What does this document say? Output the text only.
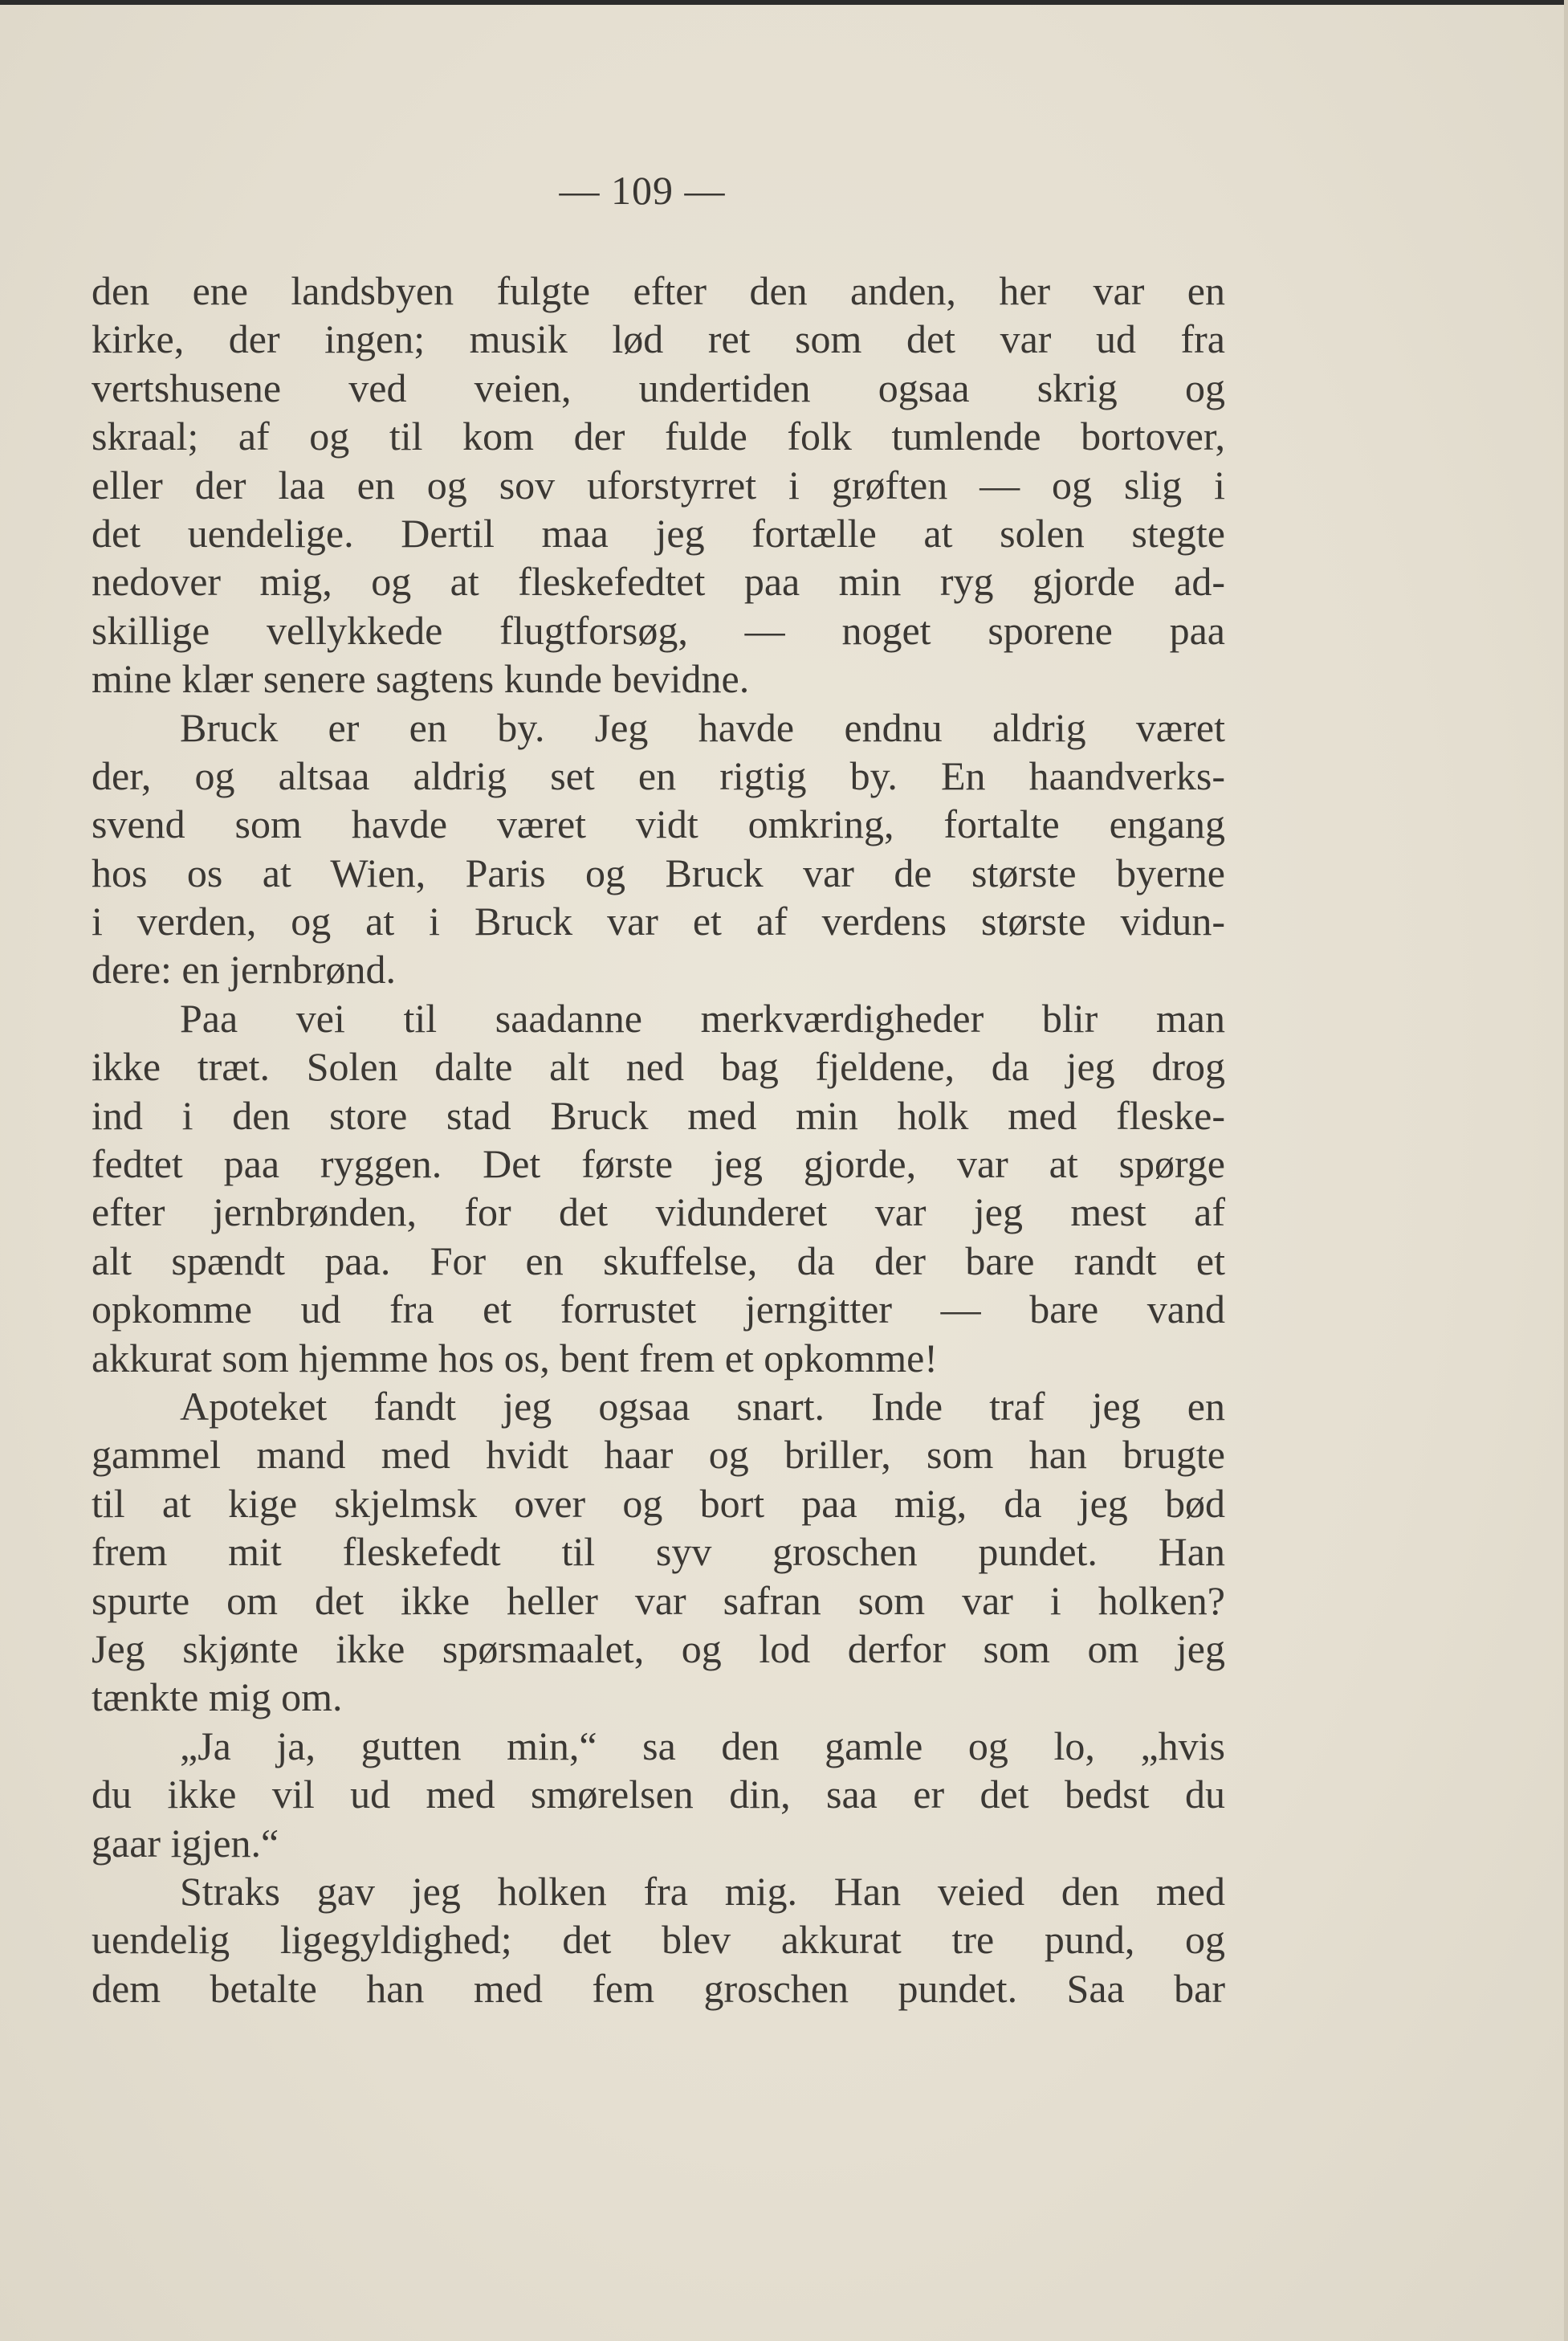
— 109 —
den ene landsbyen fulgte efter den anden, her var en
kirke, der ingen; musik lød ret som det var ud fra
vertshusene ved veien, undertiden ogsaa skrig og
skraal; af og til kom der fulde folk tumlende bortover,
eller der laa en og sov uforstyrret i grøften — og slig i
det uendelige. Dertil maa jeg fortælle at solen stegte
nedover mig, og at fleskefedtet paa min ryg gjorde ad-
skillige vellykkede flugtforsøg, — noget sporene paa
mine klær senere sagtens kunde bevidne.
Bruck er en by. Jeg havde endnu aldrig været
der, og altsaa aldrig set en rigtig by. En haandverks-
svend som havde været vidt omkring, fortalte engang
hos os at Wien, Paris og Bruck var de største byerne
i verden, og at i Bruck var et af verdens største vidun-
dere: en jernbrønd.
Paa vei til saadanne merkværdigheder blir man
ikke træt. Solen dalte alt ned bag fjeldene, da jeg drog
ind i den store stad Bruck med min holk med fleske-
fedtet paa ryggen. Det første jeg gjorde, var at spørge
efter jernbrønden, for det vidunderet var jeg mest af
alt spændt paa. For en skuffelse, da der bare randt et
opkomme ud fra et forrustet jerngitter — bare vand
akkurat som hjemme hos os, bent frem et opkomme!
Apoteket fandt jeg ogsaa snart. Inde traf jeg en
gammel mand med hvidt haar og briller, som han brugte
til at kige skjelmsk over og bort paa mig, da jeg bød
frem mit fleskefedt til syv groschen pundet. Han
spurte om det ikke heller var safran som var i holken?
Jeg skjønte ikke spørsmaalet, og lod derfor som om jeg
tænkte mig om.
„Ja ja, gutten min,“ sa den gamle og lo, „hvis
du ikke vil ud med smørelsen din, saa er det bedst du
gaar igjen.“
Straks gav jeg holken fra mig. Han veied den med
uendelig ligegyldighed; det blev akkurat tre pund, og
dem betalte han med fem groschen pundet. Saa bar
